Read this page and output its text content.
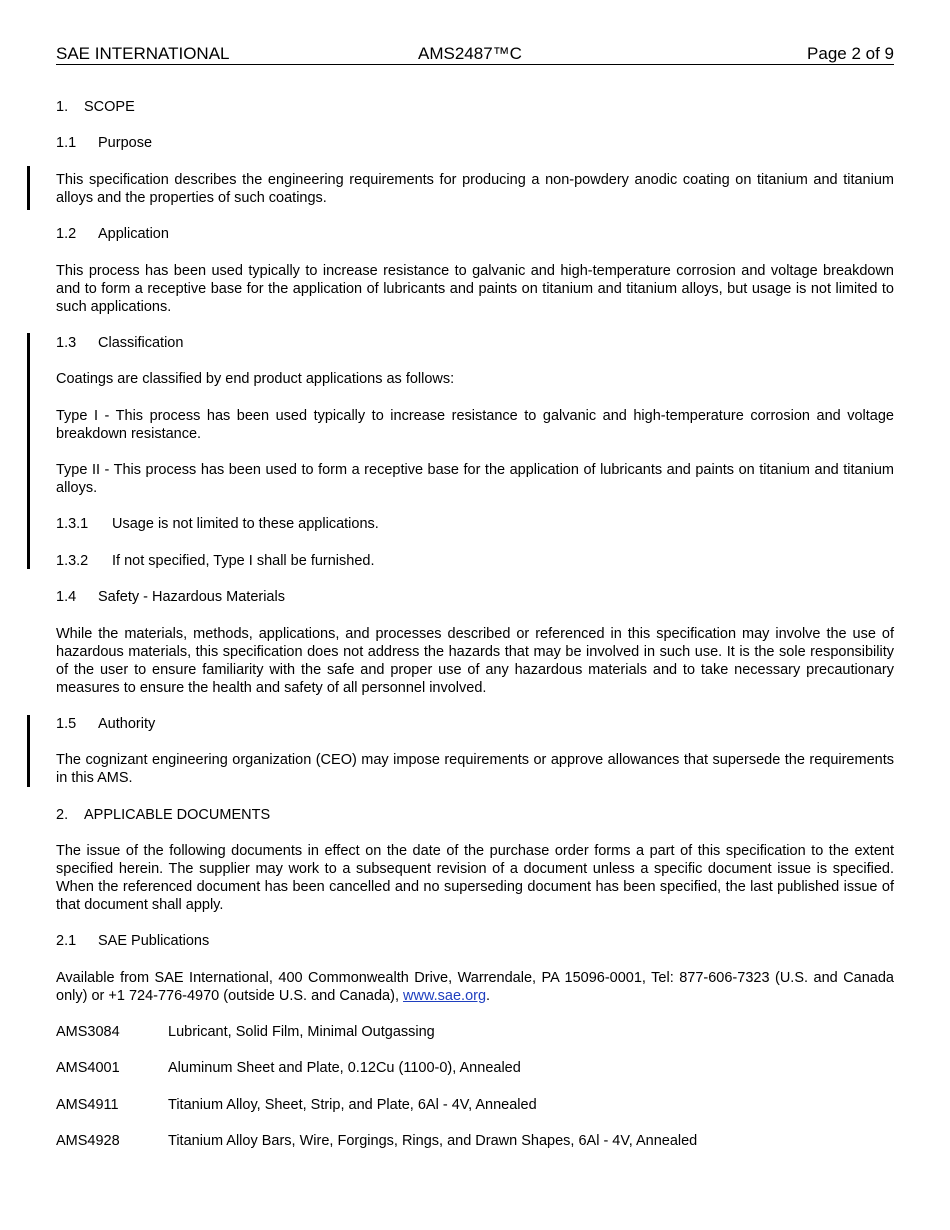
SAE INTERNATIONAL	AMS2487™C	Page 2 of 9
1. SCOPE
1.1 Purpose
This specification describes the engineering requirements for producing a non-powdery anodic coating on titanium and titanium alloys and the properties of such coatings.
1.2 Application
This process has been used typically to increase resistance to galvanic and high-temperature corrosion and voltage breakdown and to form a receptive base for the application of lubricants and paints on titanium and titanium alloys, but usage is not limited to such applications.
1.3 Classification
Coatings are classified by end product applications as follows:
Type I - This process has been used typically to increase resistance to galvanic and high-temperature corrosion and voltage breakdown resistance.
Type II - This process has been used to form a receptive base for the application of lubricants and paints on titanium and titanium alloys.
1.3.1 Usage is not limited to these applications.
1.3.2 If not specified, Type I shall be furnished.
1.4 Safety - Hazardous Materials
While the materials, methods, applications, and processes described or referenced in this specification may involve the use of hazardous materials, this specification does not address the hazards that may be involved in such use. It is the sole responsibility of the user to ensure familiarity with the safe and proper use of any hazardous materials and to take necessary precautionary measures to ensure the health and safety of all personnel involved.
1.5 Authority
The cognizant engineering organization (CEO) may impose requirements or approve allowances that supersede the requirements in this AMS.
2. APPLICABLE DOCUMENTS
The issue of the following documents in effect on the date of the purchase order forms a part of this specification to the extent specified herein. The supplier may work to a subsequent revision of a document unless a specific document issue is specified. When the referenced document has been cancelled and no superseding document has been specified, the last published issue of that document shall apply.
2.1 SAE Publications
Available from SAE International, 400 Commonwealth Drive, Warrendale, PA 15096-0001, Tel: 877-606-7323 (U.S. and Canada only) or +1 724-776-4970 (outside U.S. and Canada), www.sae.org.
AMS3084	Lubricant, Solid Film, Minimal Outgassing
AMS4001	Aluminum Sheet and Plate, 0.12Cu (1100-0), Annealed
AMS4911	Titanium Alloy, Sheet, Strip, and Plate, 6Al - 4V, Annealed
AMS4928	Titanium Alloy Bars, Wire, Forgings, Rings, and Drawn Shapes, 6Al - 4V, Annealed
